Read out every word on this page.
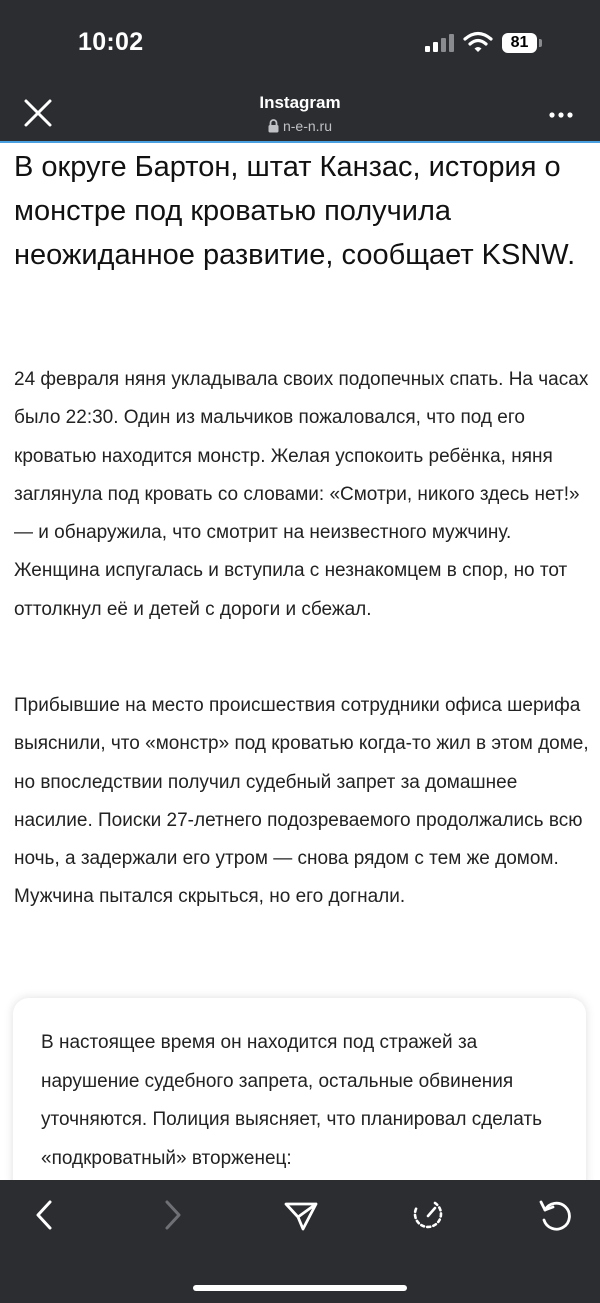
10:02	81
Instagram
n-e-n.ru
В округе Бартон, штат Канзас, история о монстре под кроватью получила неожиданное развитие, сообщает KSNW.

24 февраля няня укладывала своих подопечных спать. На часах было 22:30. Один из мальчиков пожаловался, что под его кроватью находится монстр. Желая успокоить ребёнка, няня заглянула под кровать со словами: «Смотри, никого здесь нет!» — и обнаружила, что смотрит на неизвестного мужчину. Женщина испугалась и вступила с незнакомцем в спор, но тот оттолкнул её и детей с дороги и сбежал.

Прибывшие на место происшествия сотрудники офиса шерифа выяснили, что «монстр» под кроватью когда-то жил в этом доме, но впоследствии получил судебный запрет за домашнее насилие. Поиски 27-летнего подозреваемого продолжались всю ночь, а задержали его утром — снова рядом с тем же домом. Мужчина пытался скрыться, но его догнали.

В настоящее время он находится под стражей за нарушение судебного запрета, остальные обвинения уточняются. Полиция выясняет, что планировал сделать «подкроватный» вторженец:
